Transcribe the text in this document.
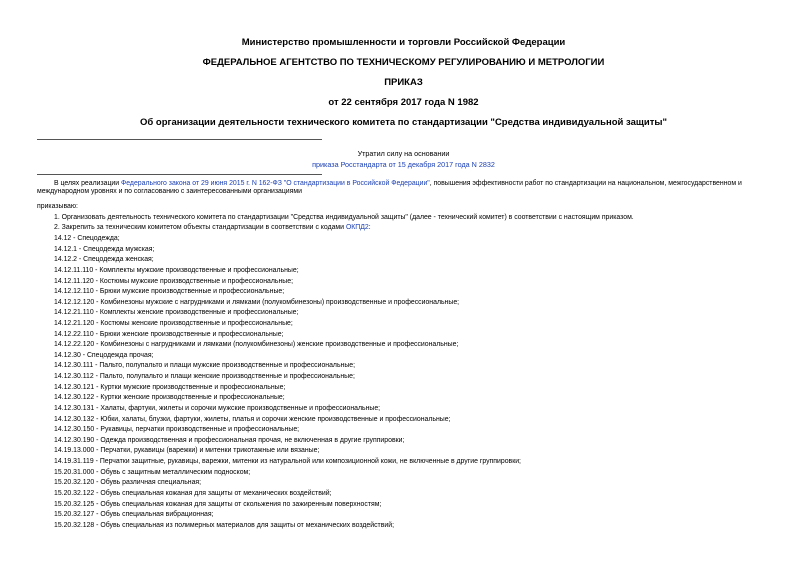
Министерство промышленности и торговли Российской Федерации
ФЕДЕРАЛЬНОЕ АГЕНТСТВО ПО ТЕХНИЧЕСКОМУ РЕГУЛИРОВАНИЮ И МЕТРОЛОГИИ
ПРИКАЗ
от 22 сентября 2017 года N 1982
Об организации деятельности технического комитета по стандартизации "Средства индивидуальной защиты"
Утратил силу на основании
приказа Росстандарта от 15 декабря 2017 года N 2832
В целях реализации Федерального закона от 29 июня 2015 г. N 162-ФЗ "О стандартизации в Российской Федерации", повышения эффективности работ по стандартизации на национальном, межгосударственном и международном уровнях и по согласованию с заинтересованными организациями
приказываю:
1. Организовать деятельность технического комитета по стандартизации "Средства индивидуальной защиты" (далее - технический комитет) в соответствии с настоящим приказом.
2. Закрепить за техническим комитетом объекты стандартизации в соответствии с кодами ОКПД2:
14.12 - Спецодежда;
14.12.1 - Спецодежда мужская;
14.12.2 - Спецодежда женская;
14.12.11.110 - Комплекты мужские производственные и профессиональные;
14.12.11.120 - Костюмы мужские производственные и профессиональные;
14.12.12.110 - Брюки мужские производственные и профессиональные;
14.12.12.120 - Комбинезоны мужские с нагрудниками и лямками (полукомбинезоны) производственные и профессиональные;
14.12.21.110 - Комплекты женские производственные и профессиональные;
14.12.21.120 - Костюмы женские производственные и профессиональные;
14.12.22.110 - Брюки женские производственные и профессиональные;
14.12.22.120 - Комбинезоны с нагрудниками и лямками (полукомбинезоны) женские производственные и профессиональные;
14.12.30 - Спецодежда прочая;
14.12.30.111 - Пальто, полупальто и плащи мужские производственные и профессиональные;
14.12.30.112 - Пальто, полупальто и плащи женские производственные и профессиональные;
14.12.30.121 - Куртки мужские производственные и профессиональные;
14.12.30.122 - Куртки женские производственные и профессиональные;
14.12.30.131 - Халаты, фартуки, жилеты и сорочки мужские производственные и профессиональные;
14.12.30.132 - Юбки, халаты, блузки, фартуки, жилеты, платья и сорочки женские производственные и профессиональные;
14.12.30.150 - Рукавицы, перчатки производственные и профессиональные;
14.12.30.190 - Одежда производственная и профессиональная прочая, не включенная в другие группировки;
14.19.13.000 - Перчатки, рукавицы (варежки) и митенки трикотажные или вязаные;
14.19.31.119 - Перчатки защитные, рукавицы, варежки, митенки из натуральной или композиционной кожи, не включенные в другие группировки;
15.20.31.000 - Обувь с защитным металлическим подноском;
15.20.32.120 - Обувь различная специальная;
15.20.32.122 - Обувь специальная кожаная для защиты от механических воздействий;
15.20.32.125 - Обувь специальная кожаная для защиты от скольжения по зажиренным поверхностям;
15.20.32.127 - Обувь специальная вибрационная;
15.20.32.128 - Обувь специальная из полимерных материалов для защиты от механических воздействий;
